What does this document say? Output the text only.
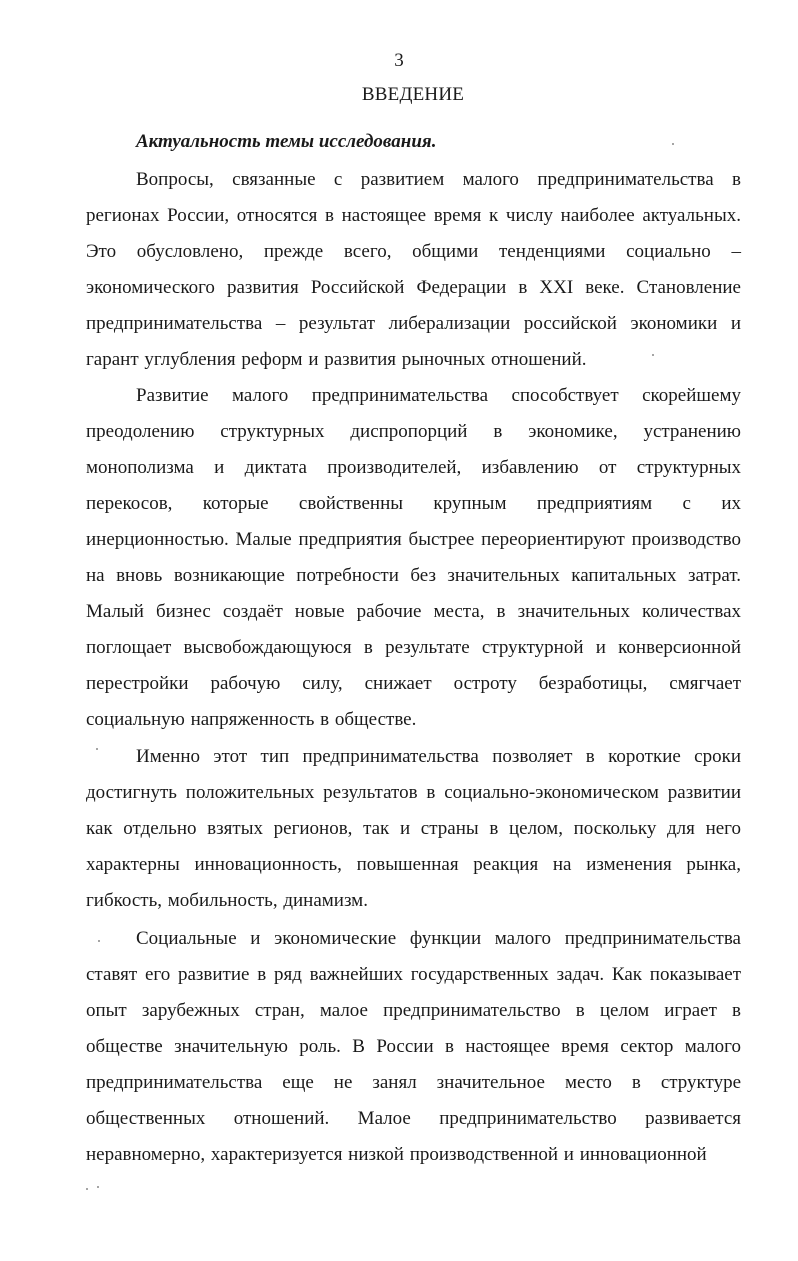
3
ВВЕДЕНИЕ
Актуальность темы исследования.

Вопросы, связанные с развитием малого предпринимательства в регионах России, относятся в настоящее время к числу наиболее актуальных. Это обусловлено, прежде всего, общими тенденциями социально – экономического развития Российской Федерации в XXI веке. Становление предпринимательства – результат либерализации российской экономики и гарант углубления реформ и развития рыночных отношений.

Развитие малого предпринимательства способствует скорейшему преодолению структурных диспропорций в экономике, устранению монополизма и диктата производителей, избавлению от структурных перекосов, которые свойственны крупным предприятиям с их инерционностью. Малые предприятия быстрее переориентируют производство на вновь возникающие потребности без значительных капитальных затрат. Малый бизнес создаёт новые рабочие места, в значительных количествах поглощает высвобождающуюся в результате структурной и конверсионной перестройки рабочую силу, снижает остроту безработицы, смягчает социальную напряженность в обществе.

Именно этот тип предпринимательства позволяет в короткие сроки достигнуть положительных результатов в социально-экономическом развитии как отдельно взятых регионов, так и страны в целом, поскольку для него характерны инновационность, повышенная реакция на изменения рынка, гибкость, мобильность, динамизм.

Социальные и экономические функции малого предпринимательства ставят его развитие в ряд важнейших государственных задач. Как показывает опыт зарубежных стран, малое предпринимательство в целом играет в обществе значительную роль. В России в настоящее время сектор малого предпринимательства еще не занял значительное место в структуре общественных отношений. Малое предпринимательство развивается неравномерно, характеризуется низкой производственной и инновационной
